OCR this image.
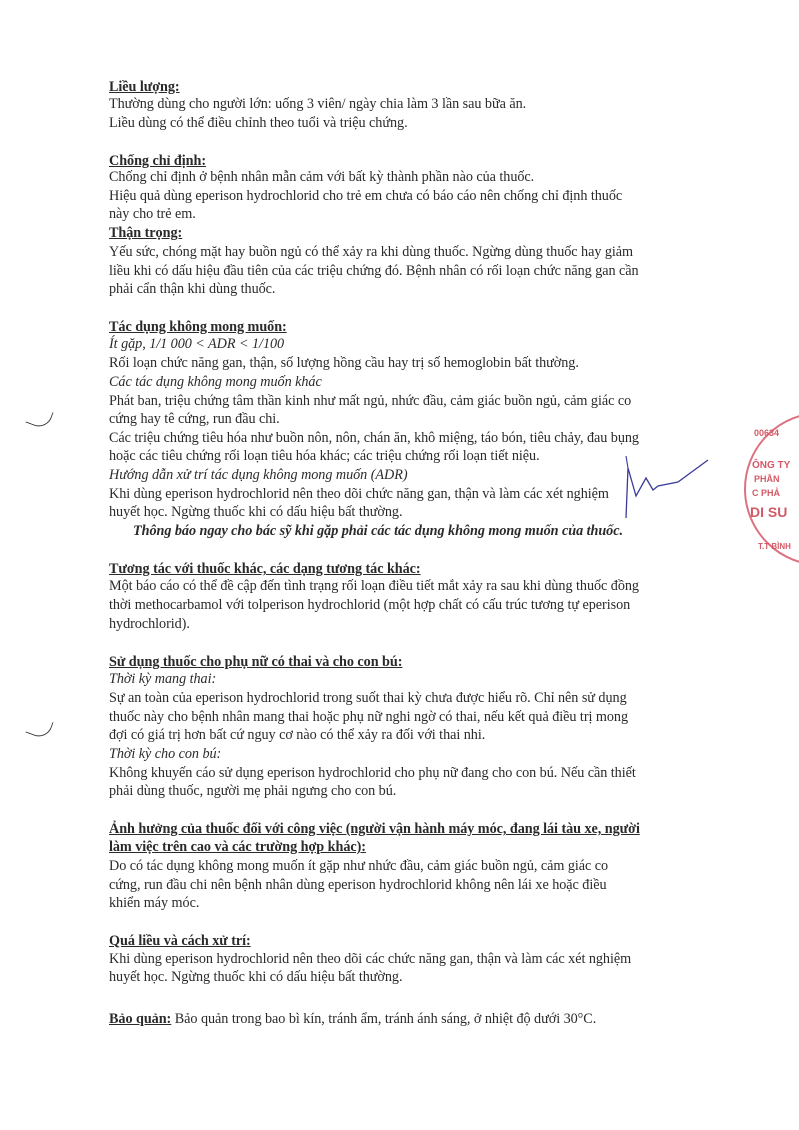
Liều lượng:
Thường dùng cho người lớn: uống 3 viên/ ngày chia làm 3 lần sau bữa ăn.
Liều dùng có thể điều chỉnh theo tuổi và triệu chứng.
Chống chỉ định:
Chống chỉ định ở bệnh nhân mẫn cảm với bất kỳ thành phần nào của thuốc.
Hiệu quả dùng eperison hydrochlorid cho trẻ em chưa có báo cáo nên chống chỉ định thuốc
này cho trẻ em.
Thận trọng:
Yếu sức, chóng mặt hay buồn ngủ có thể xảy ra khi dùng thuốc. Ngừng dùng thuốc hay giảm
liều khi có dấu hiệu đầu tiên của các triệu chứng đó. Bệnh nhân có rối loạn chức năng gan cần
phải cẩn thận khi dùng thuốc.
Tác dụng không mong muốn:
Ít gặp, 1/1 000 < ADR < 1/100
Rối loạn chức năng gan, thận, số lượng hồng cầu hay trị số hemoglobin bất thường.
Các tác dụng không mong muốn khác
Phát ban, triệu chứng tâm thần kinh như mất ngủ, nhức đầu, cảm giác buồn ngủ, cảm giác co
cứng hay tê cứng, run đầu chi.
Các triệu chứng tiêu hóa như buồn nôn, nôn, chán ăn, khô miệng, táo bón, tiêu chảy, đau bụng
hoặc các tiêu chứng rối loạn tiêu hóa khác; các triệu chứng rối loạn tiết niệu.
Hướng dẫn xử trí tác dụng không mong muốn (ADR)
Khi dùng eperison hydrochlorid nên theo dõi chức năng gan, thận và làm các xét nghiệm
huyết học. Ngừng thuốc khi có dấu hiệu bất thường.
Thông báo ngay cho bác sỹ khi gặp phải các tác dụng không mong muốn của thuốc.
Tương tác với thuốc khác, các dạng tương tác khác:
Một báo cáo có thể đề cập đến tình trạng rối loạn điều tiết mắt xảy ra sau khi dùng thuốc đồng
thời methocarbamol với tolperison hydrochlorid (một hợp chất có cấu trúc tương tự eperison
hydrochlorid).
Sử dụng thuốc cho phụ nữ có thai và cho con bú:
Thời kỳ mang thai:
Sự an toàn của eperison hydrochlorid trong suốt thai kỳ chưa được hiểu rõ. Chỉ nên sử dụng
thuốc này cho bệnh nhân mang thai hoặc phụ nữ nghi ngờ có thai, nếu kết quả điều trị mong
đợi có giá trị hơn bất cứ nguy cơ nào có thể xảy ra đối với thai nhi.
Thời kỳ cho con bú:
Không khuyến cáo sử dụng eperison hydrochlorid cho phụ nữ đang cho con bú. Nếu cần thiết
phải dùng thuốc, người mẹ phải ngưng cho con bú.
Ảnh hưởng của thuốc đối với công việc (người vận hành máy móc, đang lái tàu xe, người
làm việc trên cao và các trường hợp khác):
Do có tác dụng không mong muốn ít gặp như nhức đầu, cảm giác buồn ngủ, cảm giác co
cứng, run đầu chi nên bệnh nhân dùng eperison hydrochlorid không nên lái xe hoặc điều
khiển máy móc.
Quá liều và cách xử trí:
Khi dùng eperison hydrochlorid nên theo dõi các chức năng gan, thận và làm các xét nghiệm
huyết học. Ngừng thuốc khi có dấu hiệu bất thường.
Bảo quản: Bảo quản trong bao bì kín, tránh ẩm, tránh ánh sáng, ở nhiệt độ dưới 30°C.
00634
ÔNG TY
PHẦN
C PHẢ
DI SU
T.T BÌNH
